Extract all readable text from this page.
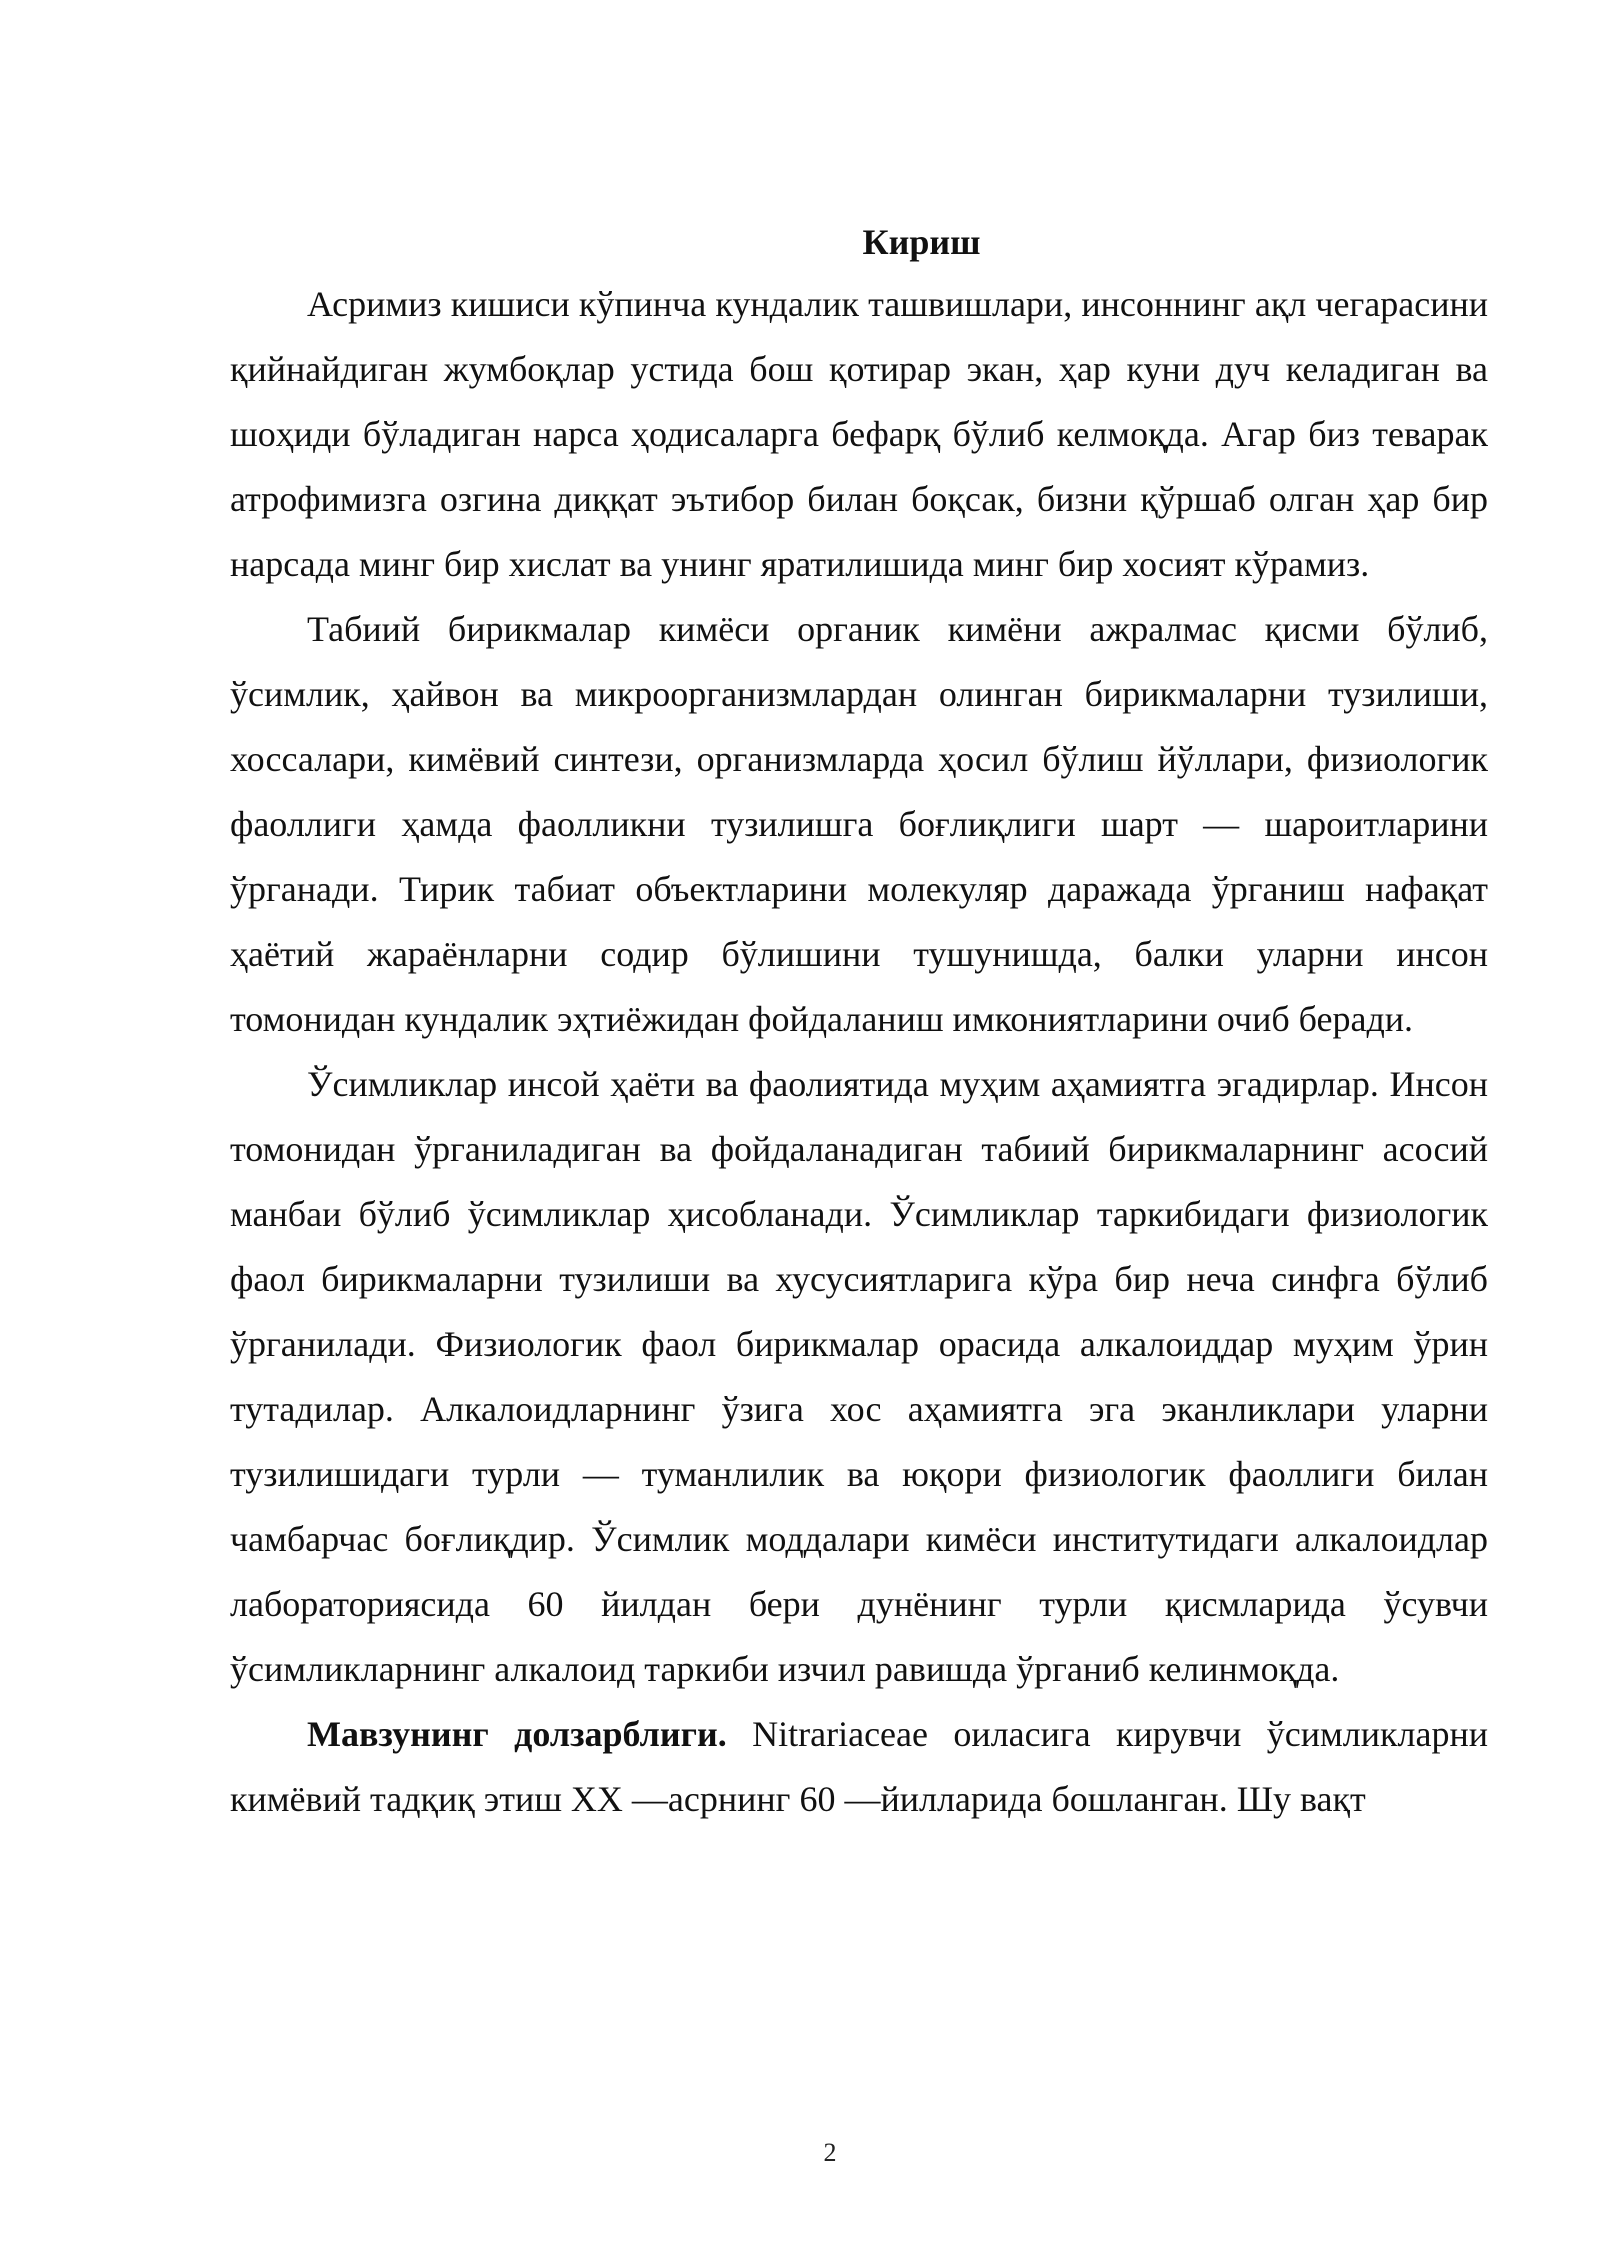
Кириш

Асримиз кишиси кўпинча кундалик ташвишлари, инсоннинг ақл чегарасини қийнайдиган жумбоқлар устида бош қотирар экан, ҳар куни дуч келадиган ва шоҳиди бўладиган нарса ҳодисаларга бефарқ бўлиб келмоқда. Агар биз теварак атрофимизга озгина диққат эътибор билан боқсак, бизни қўршаб олган ҳар бир нарсада минг бир хислат ва унинг яратилишида минг бир хосият кўрамиз.

Табиий бирикмалар кимёси органик кимёни ажралмас қисми бўлиб, ўсимлик, ҳайвон ва микроорганизмлардан олинган бирикмаларни тузилиши, хоссалари, кимёвий синтези, организмларда ҳосил бўлиш йўллари, физиологик фаоллиги ҳамда фаолликни тузилишга боғлиқлиги шарт — шароитларини ўрганади. Тирик табиат объектларини молекуляр даражада ўрганиш нафақат ҳаётий жараёнларни содир бўлишини тушунишда, балки уларни инсон томонидан кундалик эҳтиёжидан фойдаланиш имкониятларини очиб беради.

Ўсимликлар инсой ҳаёти ва фаолиятида муҳим аҳамиятга эгадирлар. Инсон томонидан ўрганиладиган ва фойдаланадиган табиий бирикмаларнинг асосий манбаи бўлиб ўсимликлар ҳисобланади. Ўсимликлар таркибидаги физиологик фаол бирикмаларни тузилиши ва хусусиятларига кўра бир неча синфга бўлиб ўрганилади. Физиологик фаол бирикмалар орасида алкалоиддар муҳим ўрин тутадилар. Алкалоидларнинг ўзига хос аҳамиятга эга эканликлари уларни тузилишидаги турли — туманлилик ва юқори физиологик фаоллиги билан чамбарчас боғлиқдир. Ўсимлик моддалари кимёси институтидаги алкалоидлар лабораториясида 60 йилдан бери дунёнинг турли қисмларида ўсувчи ўсимликларнинг алкалоид таркиби изчил равишда ўрганиб келинмоқда.

Мавзунинг долзарблиги. Nitrariaceae оиласига кирувчи ўсимликларни кимёвий тадқиқ этиш XX —асрнинг 60 —йилларида бошланган. Шу вақт

2
